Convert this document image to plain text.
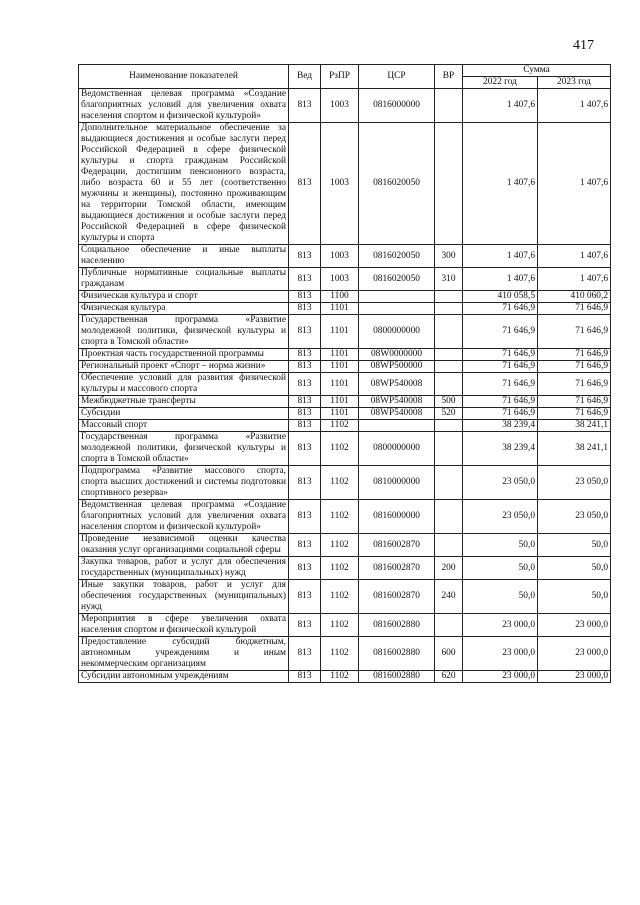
417
Наименование показателей	Вед	РзПР	ЦСР	ВР	Сумма	
					2022 год	2023 год
Ведомственная целевая программа «Создание благоприятных условий для увеличения охвата населения спортом и физической культурой»	813	1003	0816000000		1 407,6	1 407,6
Дополнительное материальное обеспечение за выдающиеся достижения и особые заслуги перед Российской Федерацией в сфере физической культуры и спорта гражданам Российской Федерации, достигшим пенсионного возраста, либо возраста 60 и 55 лет (соответственно мужчины и женщины), постоянно проживающим на территории Томской области, имеющим выдающиеся достижения и особые заслуги перед Российской Федерацией в сфере физической культуры и спорта	813	1003	0816020050		1 407,6	1 407,6
Социальное обеспечение и иные выплаты населению	813	1003	0816020050	300	1 407,6	1 407,6
Публичные нормативные социальные выплаты гражданам	813	1003	0816020050	310	1 407,6	1 407,6
Физическая культура и спорт	813	1100			410 058,5	410 060,2
Физическая культура	813	1101			71 646,9	71 646,9
Государственная программа «Развитие молодежной политики, физической культуры и спорта в Томской области»	813	1101	0800000000		71 646,9	71 646,9
Проектная часть государственной программы	813	1101	08W0000000		71 646,9	71 646,9
Региональный проект «Спорт – норма жизни»	813	1101	08WP500000		71 646,9	71 646,9
Обеспечение условий для развития физической культуры и массового спорта	813	1101	08WP540008		71 646,9	71 646,9
Межбюджетные трансферты	813	1101	08WP540008	500	71 646,9	71 646,9
Субсидии	813	1101	08WP540008	520	71 646,9	71 646,9
Массовый спорт	813	1102			38 239,4	38 241,1
Государственная программа «Развитие молодежной политики, физической культуры и спорта в Томской области»	813	1102	0800000000		38 239,4	38 241,1
Подпрограмма «Развитие массового спорта, спорта высших достижений и системы подготовки спортивного резерва»	813	1102	0810000000		23 050,0	23 050,0
Ведомственная целевая программа «Создание благоприятных условий для увеличения охвата населения спортом и физической культурой»	813	1102	0816000000		23 050,0	23 050,0
Проведение независимой оценки качества оказания услуг организациями социальной сферы	813	1102	0816002870		50,0	50,0
Закупка товаров, работ и услуг для обеспечения государственных (муниципальных) нужд	813	1102	0816002870	200	50,0	50,0
Иные закупки товаров, работ и услуг для обеспечения государственных (муниципальных) нужд	813	1102	0816002870	240	50,0	50,0
Мероприятия в сфере увеличения охвата населения спортом и физической культурой	813	1102	0816002880		23 000,0	23 000,0
Предоставление субсидий бюджетным, автономным учреждениям и иным некоммерческим организациям	813	1102	0816002880	600	23 000,0	23 000,0
Субсидии автономным учреждениям	813	1102	0816002880	620	23 000,0	23 000,0
